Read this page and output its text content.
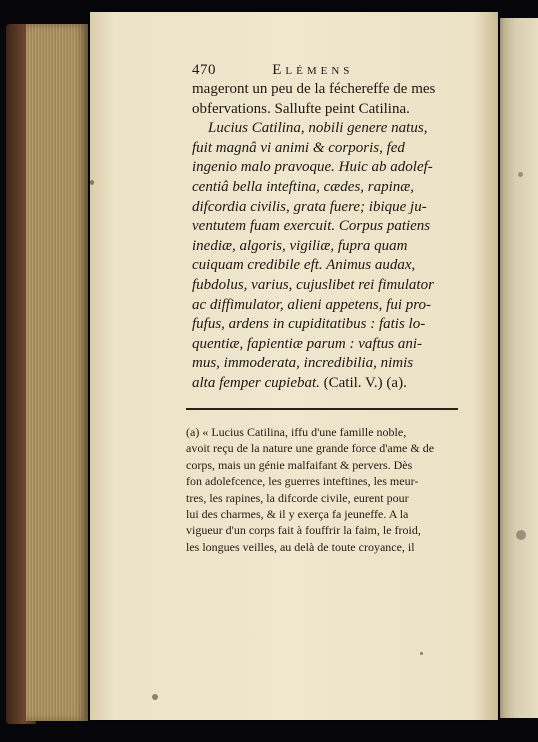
470	Elémens
mageront un peu de la féchereffe de mes
obfervations. Sallufte peint Catilina.
Lucius Catilina, nobili genere natus,
fuit magnâ vi animi & corporis, fed
ingenio malo pravoque. Huic ab adolef-
centiâ bella inteftina, cædes, rapinæ,
difcordia civilis, grata fuere; ibique ju-
ventutem fuam exercuit. Corpus patiens
inediæ, algoris, vigiliæ, fupra quam
cuiquam credibile eft. Animus audax,
fubdolus, varius, cujuslibet rei fimulator
ac diffimulator, alieni appetens, fui pro-
fufus, ardens in cupiditatibus : fatis lo-
quentiæ, fapientiæ parum : vaftus ani-
mus, immoderata, incredibilia, nimis
alta femper cupiebat. (Catil. V.) (a).
(a) « Lucius Catilina, iffu d'une famille noble,
avoit reçu de la nature une grande force d'ame & de
corps, mais un génie malfaifant & pervers. Dès
fon adolefcence, les guerres inteftines, les meur-
tres, les rapines, la difcorde civile, eurent pour
lui des charmes, & il y exerça fa jeuneffe. A la
vigueur d'un corps fait à fouffrir la faim, le froid,
les longues veilles, au delà de toute croyance, il
